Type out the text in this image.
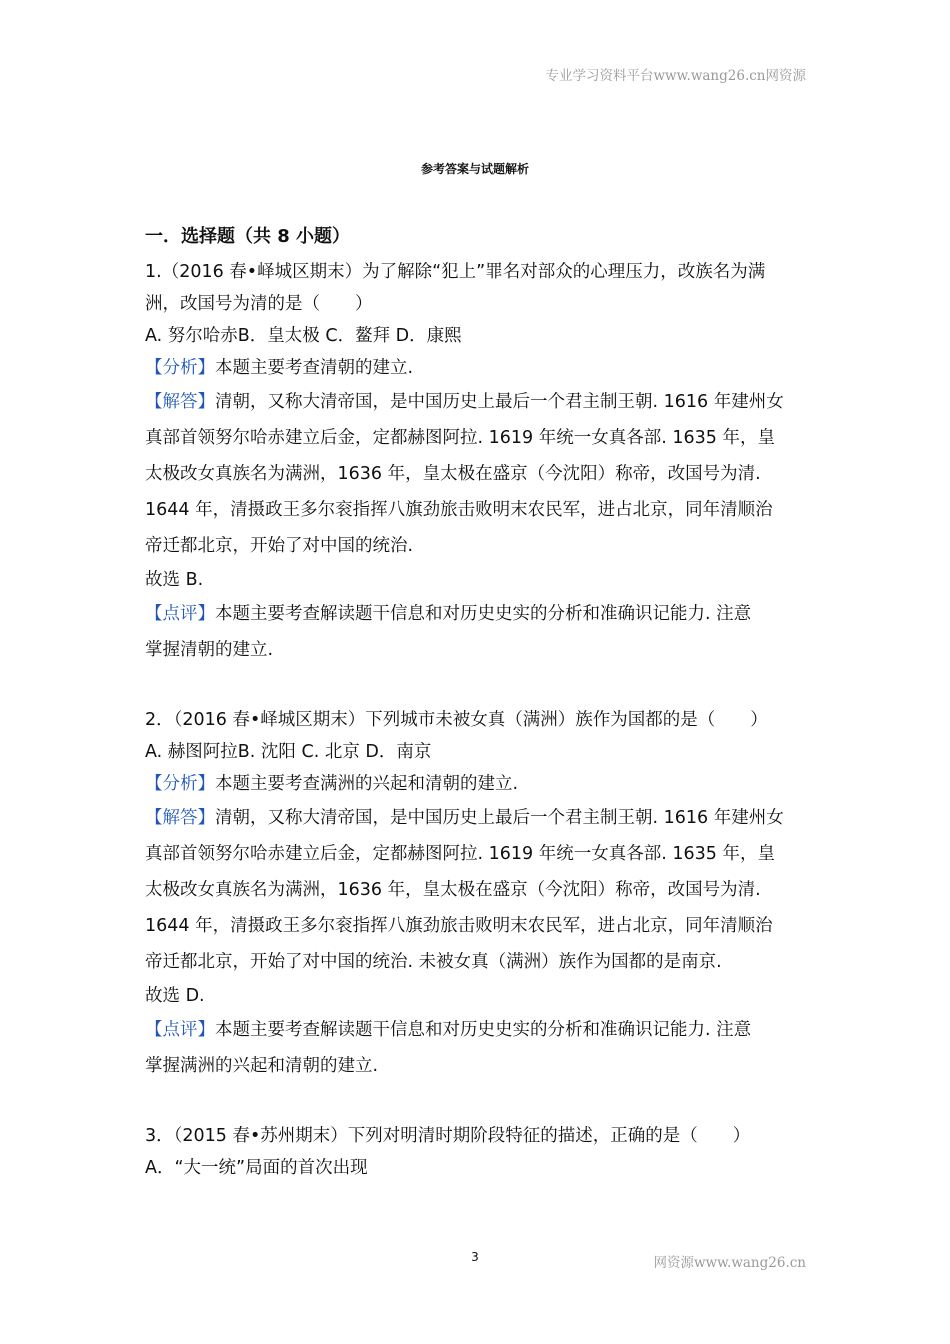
专业学习资料平台www.wang26.cn网资源
参考答案与试题解析
一．选择题（共 8 小题）
1.（2016 春•峄城区期末）为了解除“犯上”罪名对部众的心理压力，改族名为满
洲，改国号为清的是（　　）
A. 努尔哈赤B．皇太极 C．鳌拜 D．康熙
【分析】本题主要考查清朝的建立.
【解答】清朝，又称大清帝国，是中国历史上最后一个君主制王朝. 1616 年建州女
真部首领努尔哈赤建立后金，定都赫图阿拉. 1619 年统一女真各部. 1635 年，皇
太极改女真族名为满洲，1636 年，皇太极在盛京（今沈阳）称帝，改国号为清.
1644 年，清摄政王多尔衮指挥八旗劲旅击败明末农民军，进占北京，同年清顺治
帝迁都北京，开始了对中国的统治.
故选 B.
【点评】本题主要考查解读题干信息和对历史史实的分析和准确识记能力. 注意
掌握清朝的建立.
2．（2016 春•峄城区期末）下列城市未被女真（满洲）族作为国都的是（　　）
A. 赫图阿拉B. 沈阳 C. 北京 D．南京
【分析】本题主要考查满洲的兴起和清朝的建立.
【解答】清朝，又称大清帝国，是中国历史上最后一个君主制王朝. 1616 年建州女
真部首领努尔哈赤建立后金，定都赫图阿拉. 1619 年统一女真各部. 1635 年，皇
太极改女真族名为满洲，1636 年，皇太极在盛京（今沈阳）称帝，改国号为清.
1644 年，清摄政王多尔衮指挥八旗劲旅击败明末农民军，进占北京，同年清顺治
帝迁都北京，开始了对中国的统治. 未被女真（满洲）族作为国都的是南京.
故选 D.
【点评】本题主要考查解读题干信息和对历史史实的分析和准确识记能力. 注意
掌握满洲的兴起和清朝的建立.
3．（2015 春•苏州期末）下列对明清时期阶段特征的描述，正确的是（　　）
A．“大一统”局面的首次出现
3	网资源www.wang26.cn
